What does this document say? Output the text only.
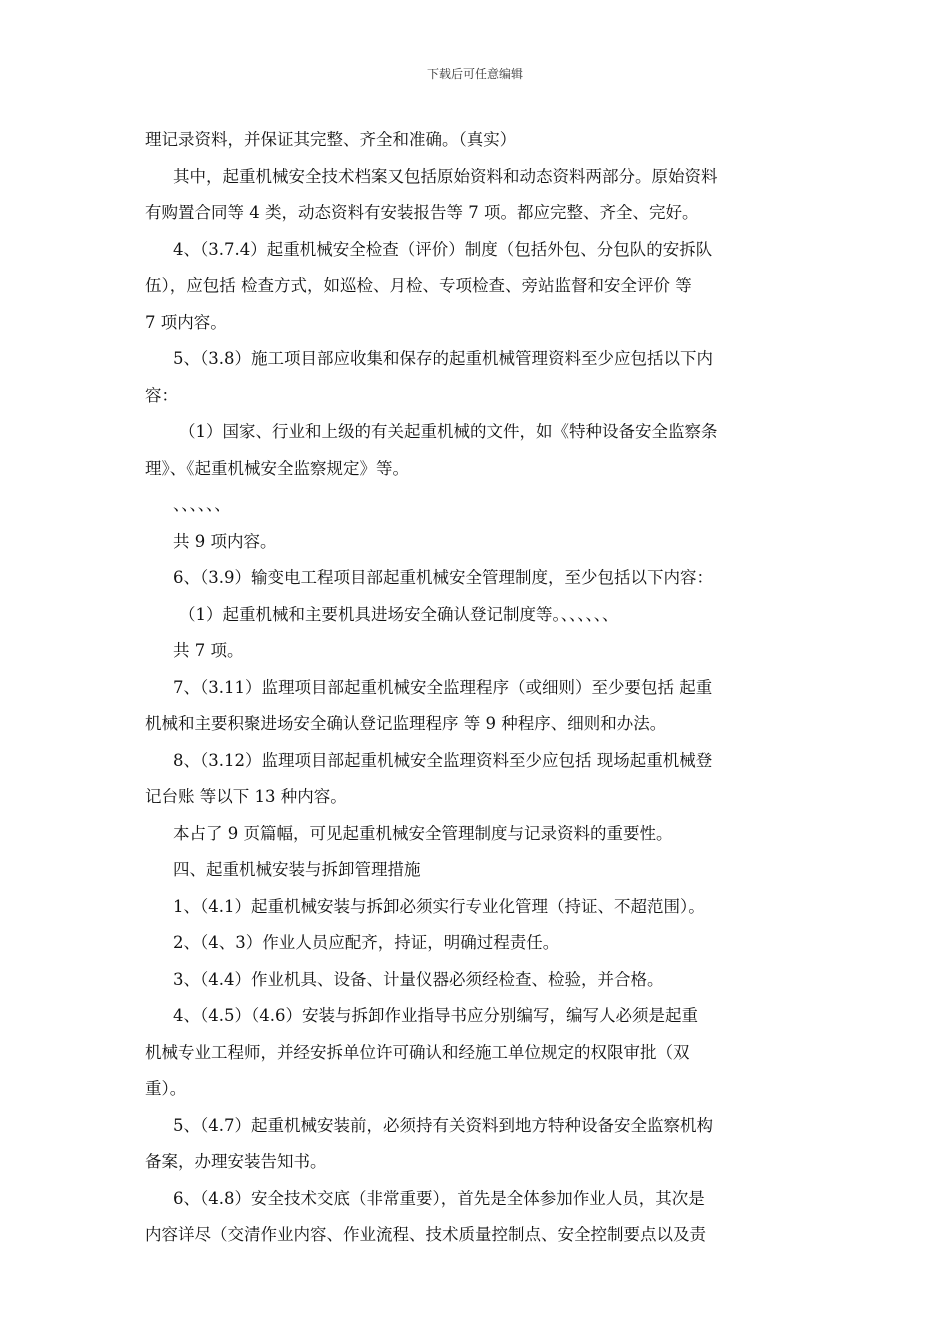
下载后可任意编辑
理记录资料，并保证其完整、齐全和准确。（真实）
其中，起重机械安全技术档案又包括原始资料和动态资料两部分。原始资料
有购置合同等 4 类，动态资料有安装报告等 7 项。都应完整、齐全、完好。
4、（3.7.4）起重机械安全检查（评价）制度（包括外包、分包队的安拆队
伍），应包括 检查方式，如巡检、月检、专项检查、旁站监督和安全评价 等
7 项内容。
5、（3.8）施工项目部应收集和保存的起重机械管理资料至少应包括以下内
容：
（1）国家、行业和上级的有关起重机械的文件，如《特种设备安全监察条
理》、《起重机械安全监察规定》等。
、、、、、、
共 9 项内容。
6、（3.9）输变电工程项目部起重机械安全管理制度，至少包括以下内容：
（1）起重机械和主要机具进场安全确认登记制度等。、、、、、、
共 7 项。
7、（3.11）监理项目部起重机械安全监理程序（或细则）至少要包括 起重
机械和主要积聚进场安全确认登记监理程序 等 9 种程序、细则和办法。
8、（3.12）监理项目部起重机械安全监理资料至少应包括 现场起重机械登
记台账 等以下 13 种内容。
本占了 9 页篇幅，可见起重机械安全管理制度与记录资料的重要性。
四、起重机械安装与拆卸管理措施
1、（4.1）起重机械安装与拆卸必须实行专业化管理（持证、不超范围）。
2、（4、3）作业人员应配齐，持证，明确过程责任。
3、（4.4）作业机具、设备、计量仪器必须经检查、检验，并合格。
4、（4.5）（4.6）安装与拆卸作业指导书应分别编写，编写人必须是起重
机械专业工程师，并经安拆单位许可确认和经施工单位规定的权限审批（双
重）。
5、（4.7）起重机械安装前，必须持有关资料到地方特种设备安全监察机构
备案，办理安装告知书。
6、（4.8）安全技术交底（非常重要），首先是全体参加作业人员，其次是
内容详尽（交清作业内容、作业流程、技术质量控制点、安全控制要点以及责
